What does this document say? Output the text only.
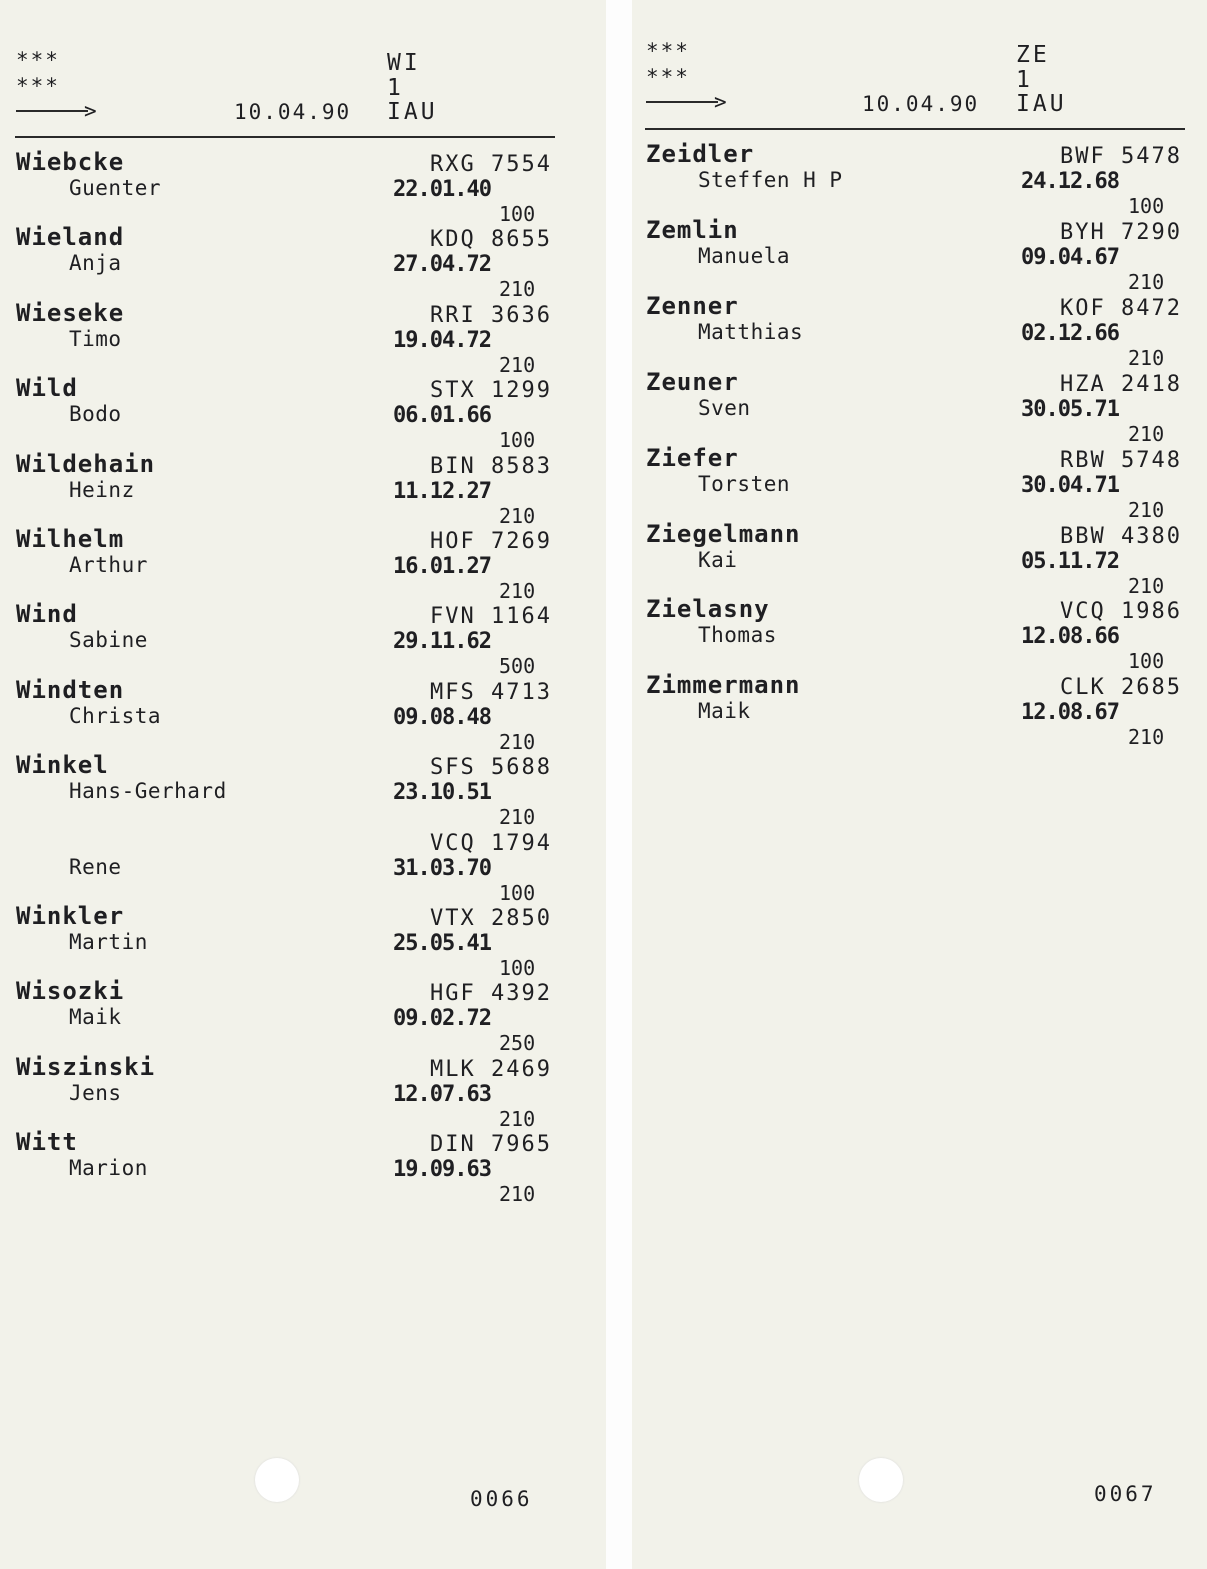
***
***
>	10.04.90
WI
1
IAU
Wiebcke
Guenter
RXG 7554
22.01.40
100
Wieland
Anja
KDQ 8655
27.04.72
210
Wieseke
Timo
RRI 3636
19.04.72
210
Wild
Bodo
STX 1299
06.01.66
100
Wildehain
Heinz
BIN 8583
11.12.27
210
Wilhelm
Arthur
HOF 7269
16.01.27
210
Wind
Sabine
FVN 1164
29.11.62
500
Windten
Christa
MFS 4713
09.08.48
210
Winkel
Hans-Gerhard
SFS 5688
23.10.51
210
Rene
VCQ 1794
31.03.70
100
Winkler
Martin
VTX 2850
25.05.41
100
Wisozki
Maik
HGF 4392
09.02.72
250
Wiszinski
Jens
MLK 2469
12.07.63
210
Witt
Marion
DIN 7965
19.09.63
210
0066
***
***
>	10.04.90
ZE
1
IAU
Zeidler
Steffen H P
BWF 5478
24.12.68
100
Zemlin
Manuela
BYH 7290
09.04.67
210
Zenner
Matthias
KOF 8472
02.12.66
210
Zeuner
Sven
HZA 2418
30.05.71
210
Ziefer
Torsten
RBW 5748
30.04.71
210
Ziegelmann
Kai
BBW 4380
05.11.72
210
Zielasny
Thomas
VCQ 1986
12.08.66
100
Zimmermann
Maik
CLK 2685
12.08.67
210
0067
